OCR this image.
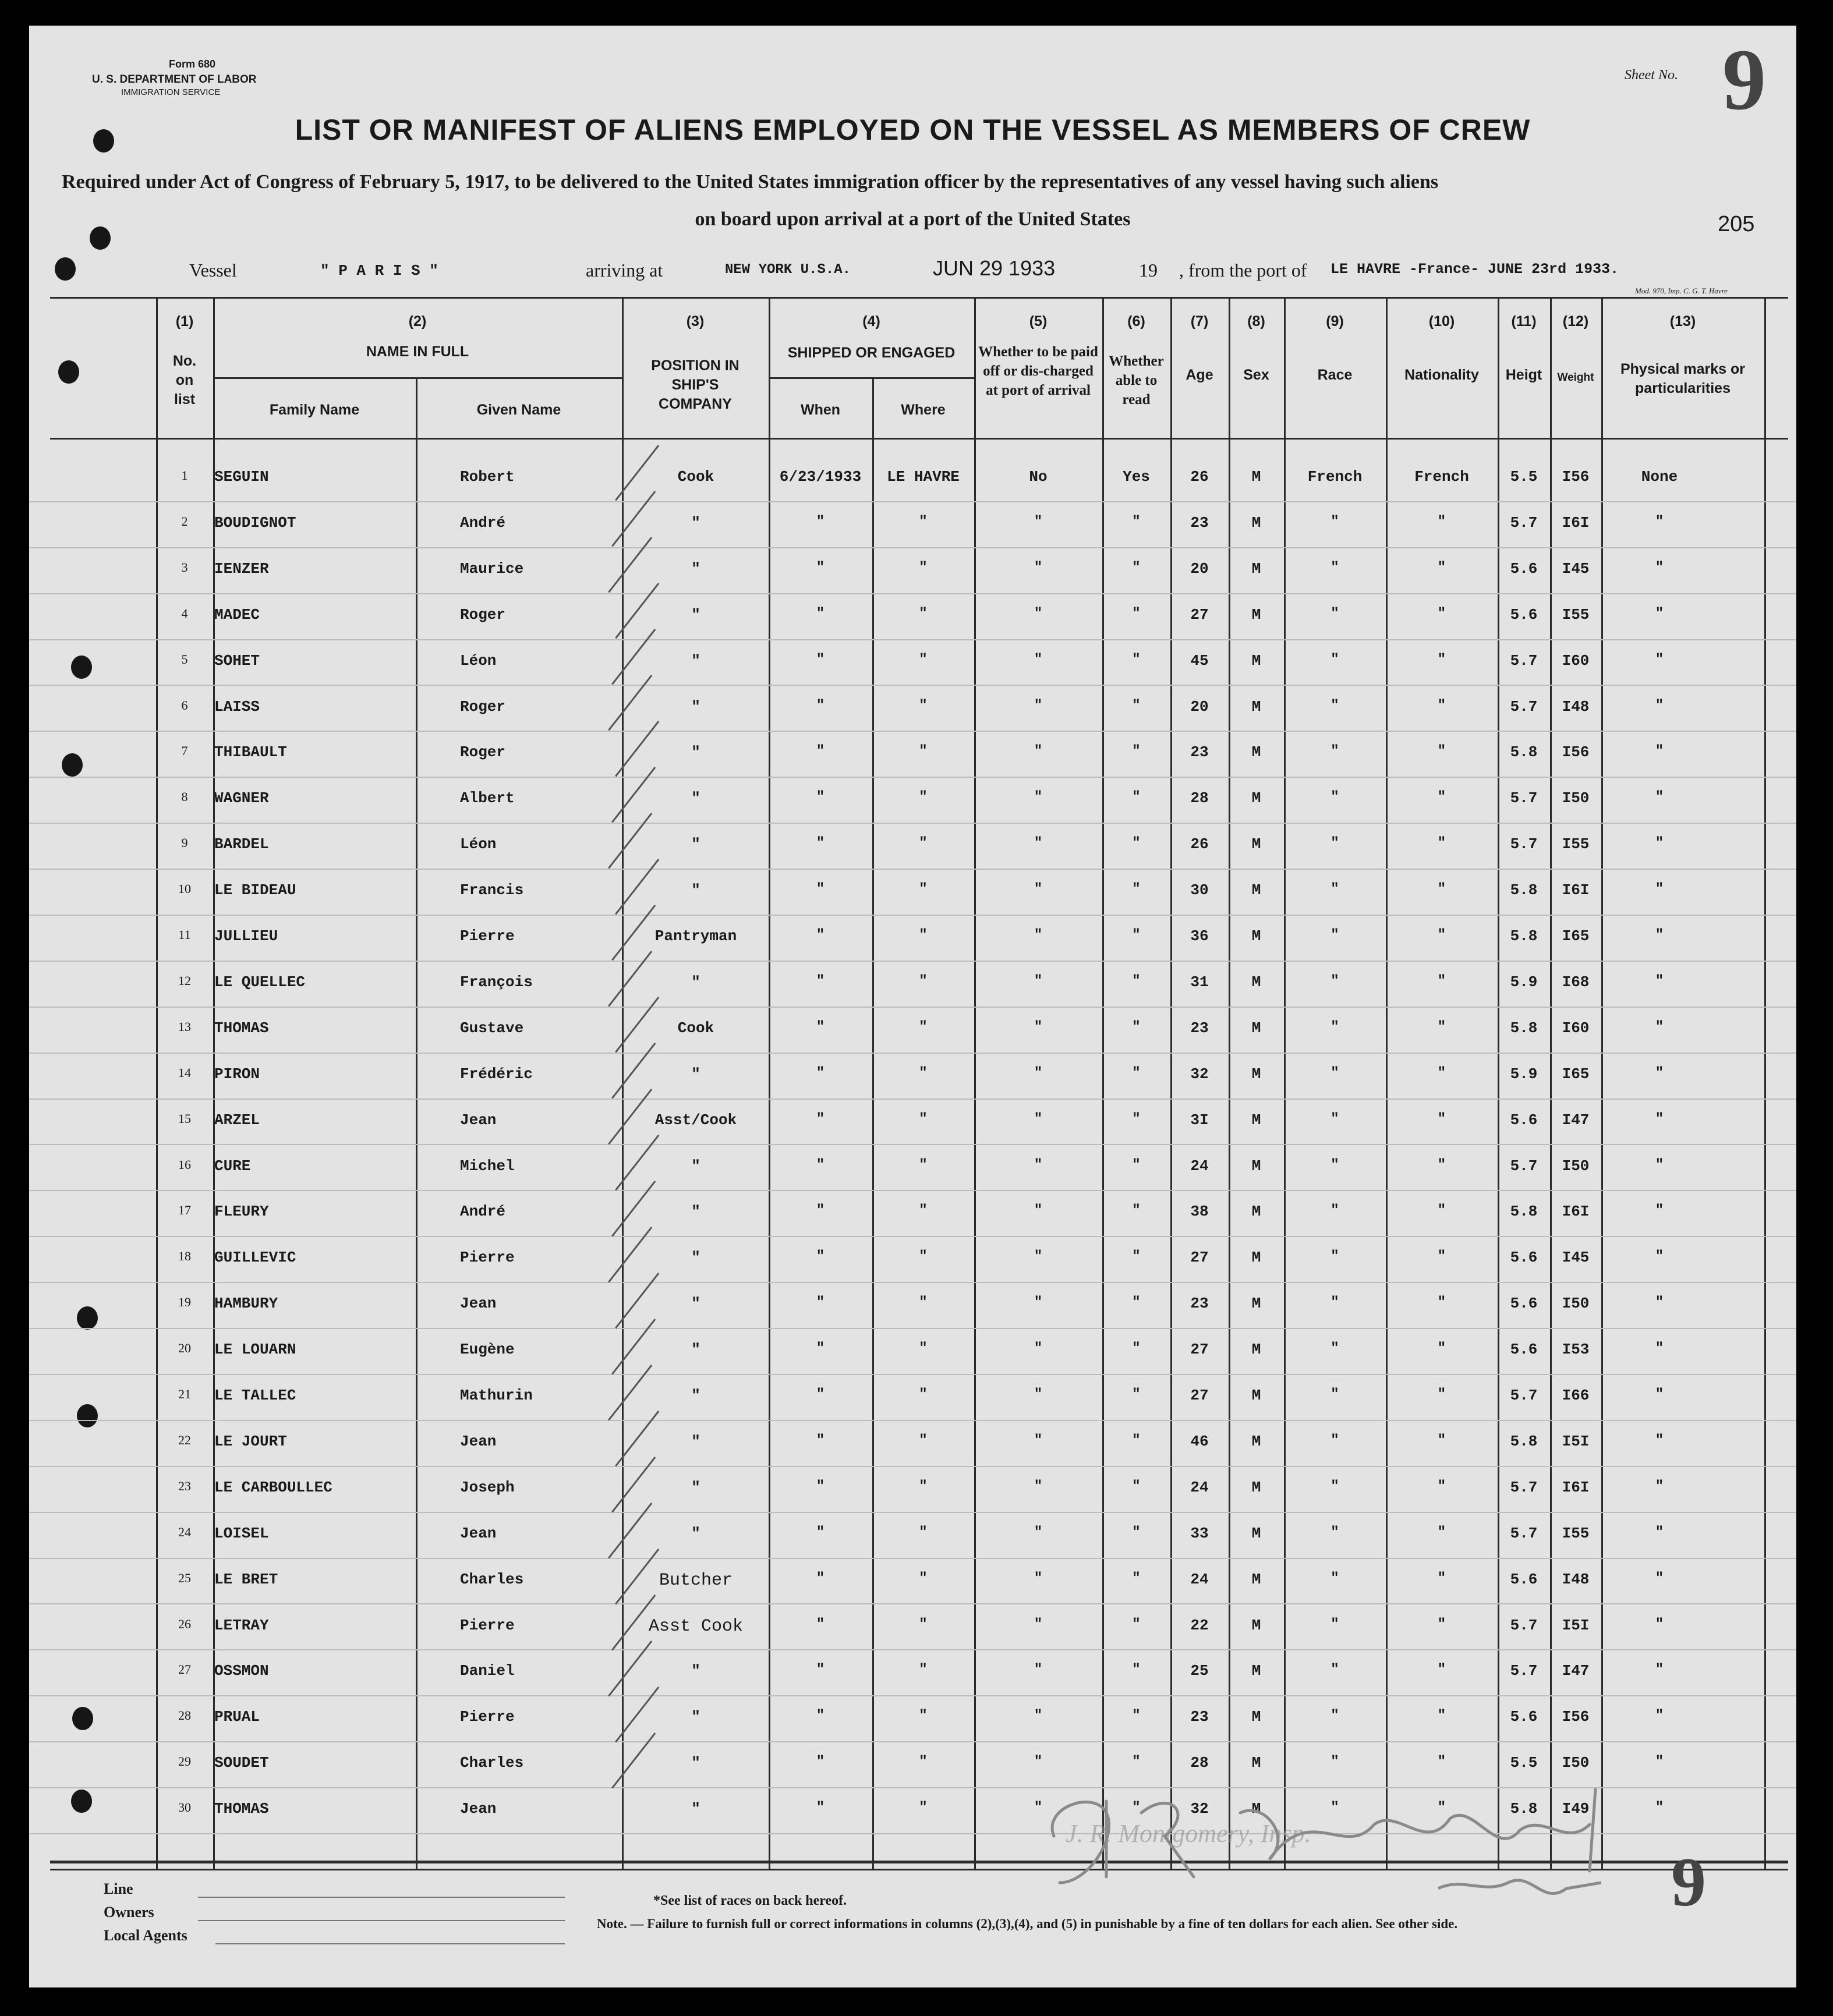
Form 680
U. S. DEPARTMENT OF LABOR
IMMIGRATION SERVICE
Sheet No. 9
LIST OR MANIFEST OF ALIENS EMPLOYED ON THE VESSEL AS MEMBERS OF CREW
Required under Act of Congress of February 5, 1917, to be delivered to the United States immigration officer by the representatives of any vessel having such aliens
on board upon arrival at a port of the United States	205
Vessel	" P A R I S "	arriving at	NEW YORK U.S.A.	JUN 29 1933	19 , from the port of LE HAVRE -France- JUNE 23rd 1933.
Mod. 970, Imp. C. G. T. Havre
(1)
No. on list
(2)
NAME IN FULL
Family Name	Given Name
(3)
POSITION IN SHIP'S COMPANY
(4)
SHIPPED OR ENGAGED
When	Where
(5)
Whether to be paid off or dis-charged at port of arrival
(6)
Whether able to read
(7)
Age
(8)
Sex
(9)
Race
(10)
Nationality
(11)
Heigt
(12)
Weight
(13)
Physical marks or particularities
1	SEGUIN	Robert	Cook	6/23/1933	LE HAVRE	No	Yes	26	M	French	French	5.5	I56	None
2	BOUDIGNOT	André	"	"	"	"	"	23	M	"	"	5.7	I6I	"
3	IENZER	Maurice	"	"	"	"	"	20	M	"	"	5.6	I45	"
4	MADEC	Roger	"	"	"	"	"	27	M	"	"	5.6	I55	"
5	SOHET	Léon	"	"	"	"	"	45	M	"	"	5.7	I60	"
6	LAISS	Roger	"	"	"	"	"	20	M	"	"	5.7	I48	"
7	THIBAULT	Roger	"	"	"	"	"	23	M	"	"	5.8	I56	"
8	WAGNER	Albert	"	"	"	"	"	28	M	"	"	5.7	I50	"
9	BARDEL	Léon	"	"	"	"	"	26	M	"	"	5.7	I55	"
10	LE BIDEAU	Francis	"	"	"	"	"	30	M	"	"	5.8	I6I	"
11	JULLIEU	Pierre	Pantryman	"	"	"	"	36	M	"	"	5.8	I65	"
12	LE QUELLEC	François	"	"	"	"	"	31	M	"	"	5.9	I68	"
13	THOMAS	Gustave	Cook	"	"	"	"	23	M	"	"	5.8	I60	"
14	PIRON	Frédéric	"	"	"	"	"	32	M	"	"	5.9	I65	"
15	ARZEL	Jean	Asst/Cook	"	"	"	"	3I	M	"	"	5.6	I47	"
16	CURE	Michel	"	"	"	"	"	24	M	"	"	5.7	I50	"
17	FLEURY	André	"	"	"	"	"	38	M	"	"	5.8	I6I	"
18	GUILLEVIC	Pierre	"	"	"	"	"	27	M	"	"	5.6	I45	"
19	HAMBURY	Jean	"	"	"	"	"	23	M	"	"	5.6	I50	"
20	LE LOUARN	Eugène	"	"	"	"	"	27	M	"	"	5.6	I53	"
21	LE TALLEC	Mathurin	"	"	"	"	"	27	M	"	"	5.7	I66	"
22	LE JOURT	Jean	"	"	"	"	"	46	M	"	"	5.8	I5I	"
23	LE CARBOULLEC	Joseph	"	"	"	"	"	24	M	"	"	5.7	I6I	"
24	LOISEL	Jean	"	"	"	"	"	33	M	"	"	5.7	I55	"
25	LE BRET	Charles	Butcher	"	"	"	"	24	M	"	"	5.6	I48	"
26	LETRAY	Pierre	Asst Cook	"	"	"	"	22	M	"	"	5.7	I5I	"
27	OSSMON	Daniel	"	"	"	"	"	25	M	"	"	5.7	I47	"
28	PRUAL	Pierre	"	"	"	"	"	23	M	"	"	5.6	I56	"
29	SOUDET	Charles	"	"	"	"	"	28	M	"	"	5.5	I50	"
30	THOMAS	Jean	"	"	"	"	"	32	M	"	"	5.8	I49	"
J. R. Montgomery, Insp.
Line
Owners
Local Agents
*See list of races on back hereof.
Note. — Failure to furnish full or correct informations in columns (2),(3),(4), and (5) in punishable by a fine of ten dollars for each alien. See other side.
9
